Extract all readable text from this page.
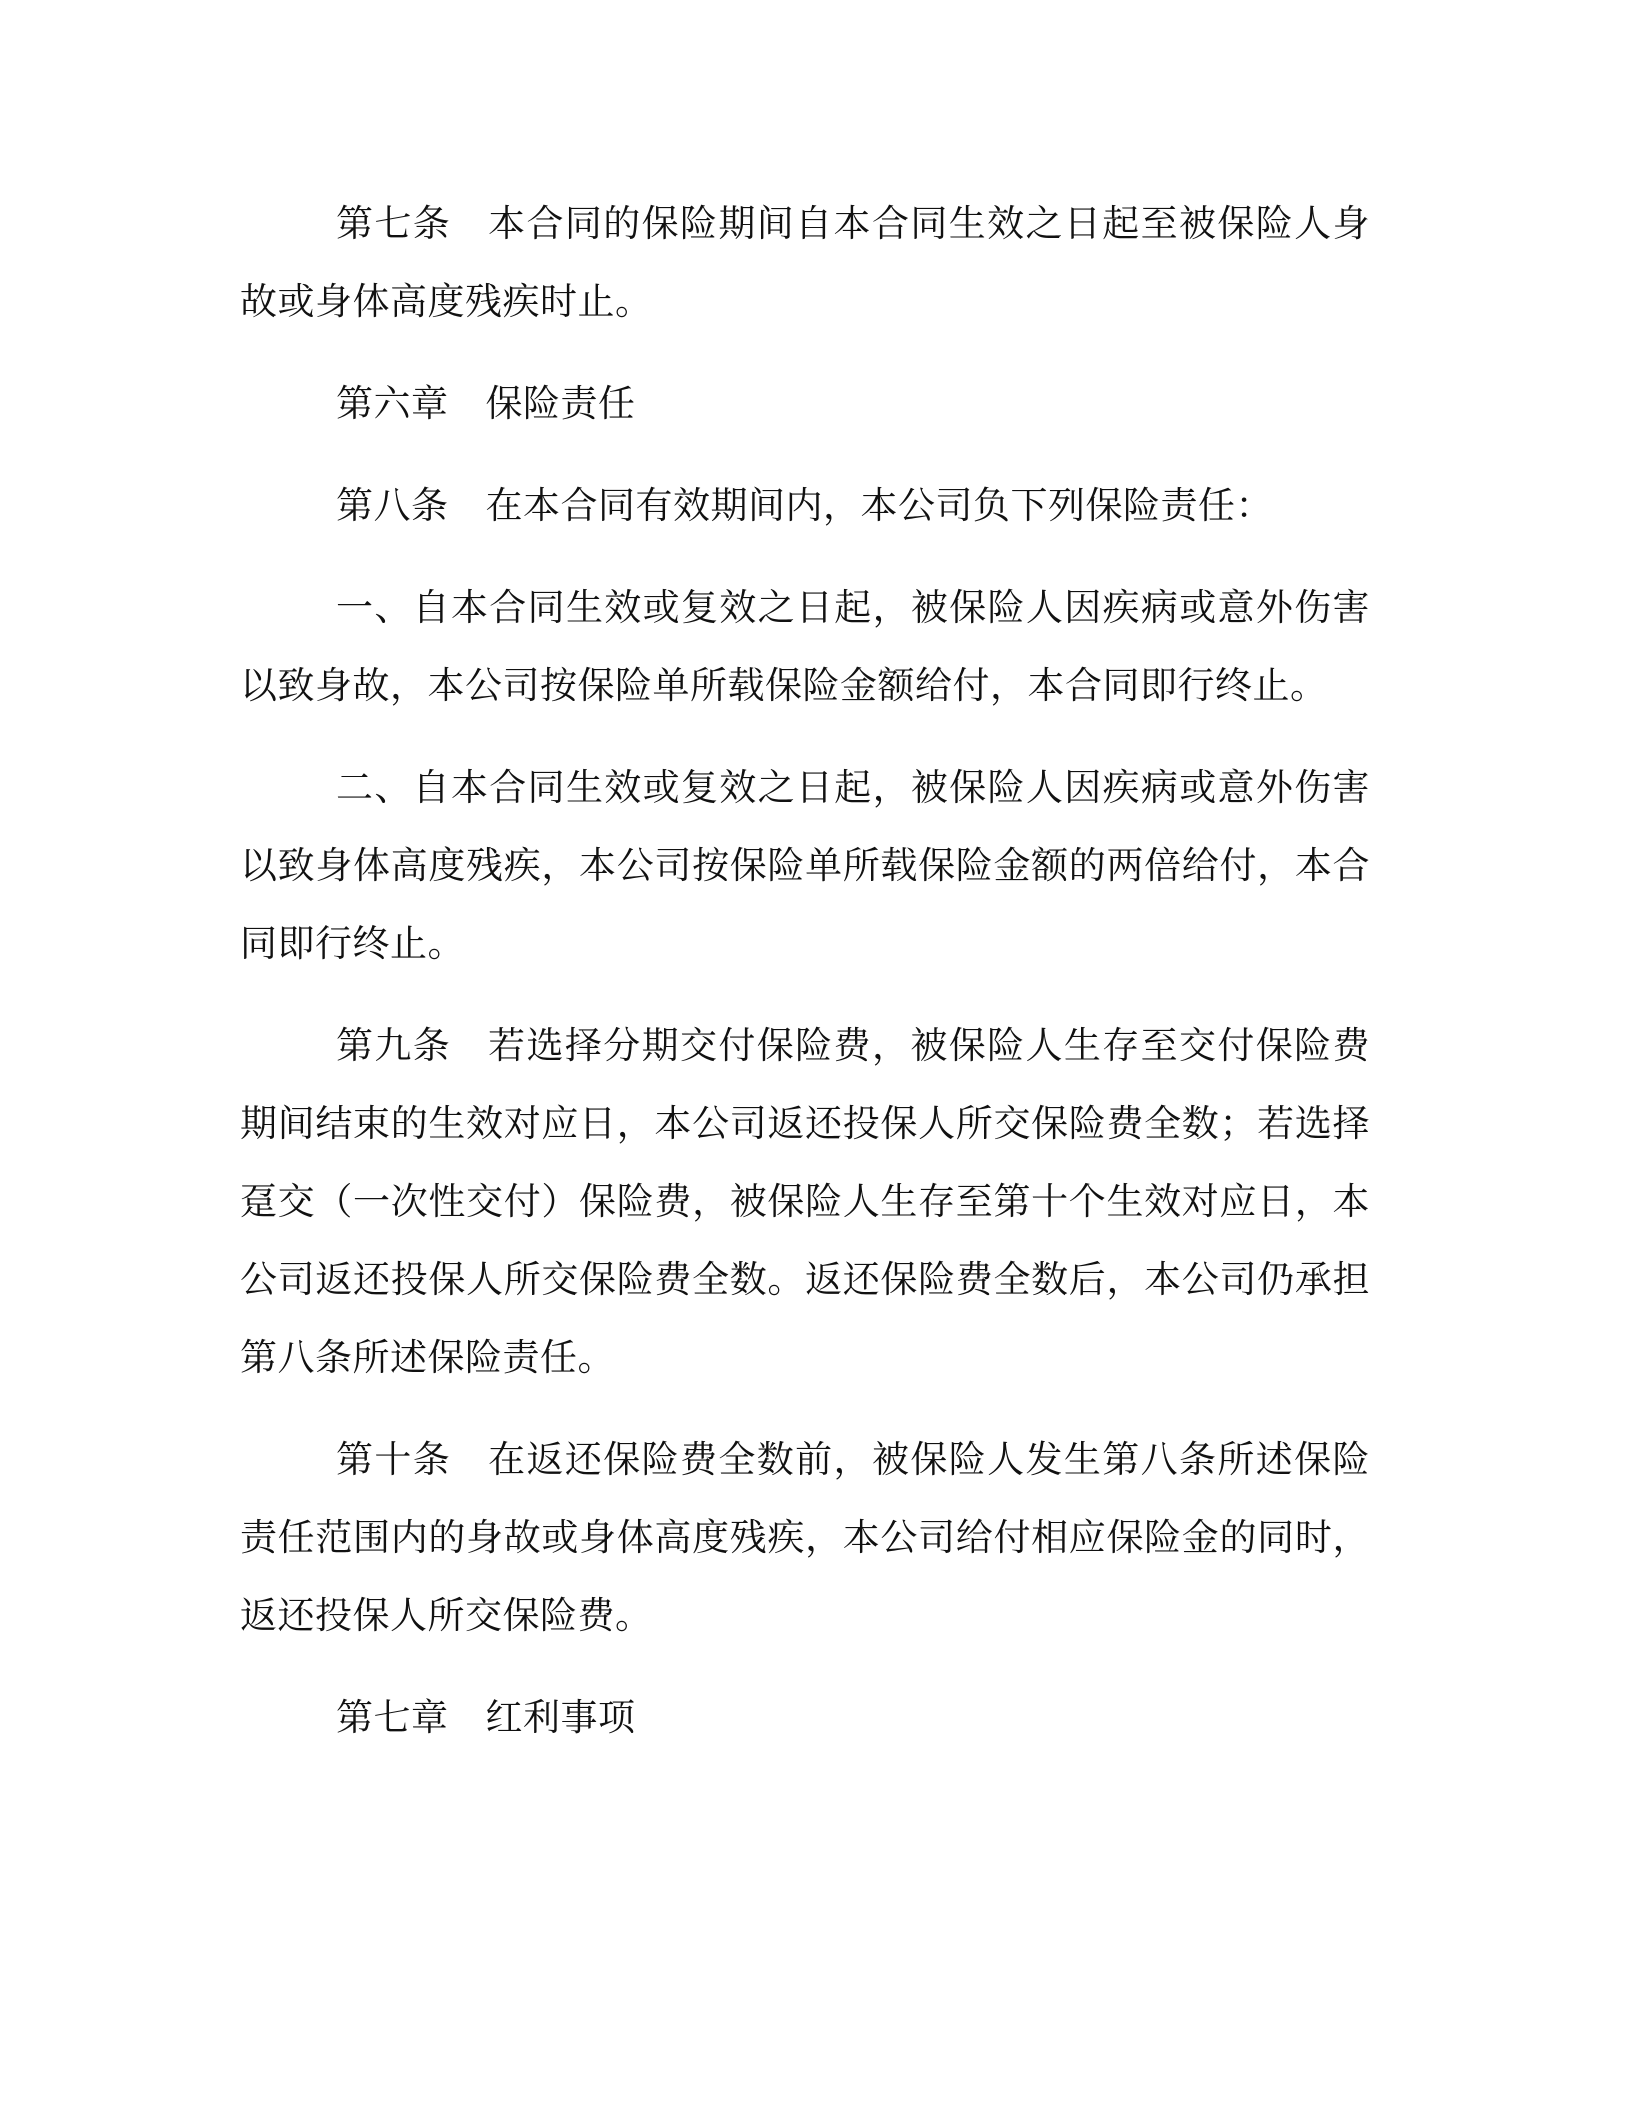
第七条 本合同的保险期间自本合同生效之日起至被保险人身故或身体高度残疾时止。

第六章 保险责任

第八条 在本合同有效期间内，本公司负下列保险责任：

一、自本合同生效或复效之日起，被保险人因疾病或意外伤害以致身故，本公司按保险单所载保险金额给付，本合同即行终止。

二、自本合同生效或复效之日起，被保险人因疾病或意外伤害以致身体高度残疾，本公司按保险单所载保险金额的两倍给付，本合同即行终止。

第九条 若选择分期交付保险费，被保险人生存至交付保险费期间结束的生效对应日，本公司返还投保人所交保险费全数；若选择趸交（一次性交付）保险费，被保险人生存至第十个生效对应日，本公司返还投保人所交保险费全数。返还保险费全数后，本公司仍承担第八条所述保险责任。

第十条 在返还保险费全数前，被保险人发生第八条所述保险责任范围内的身故或身体高度残疾，本公司给付相应保险金的同时，返还投保人所交保险费。

第七章 红利事项
